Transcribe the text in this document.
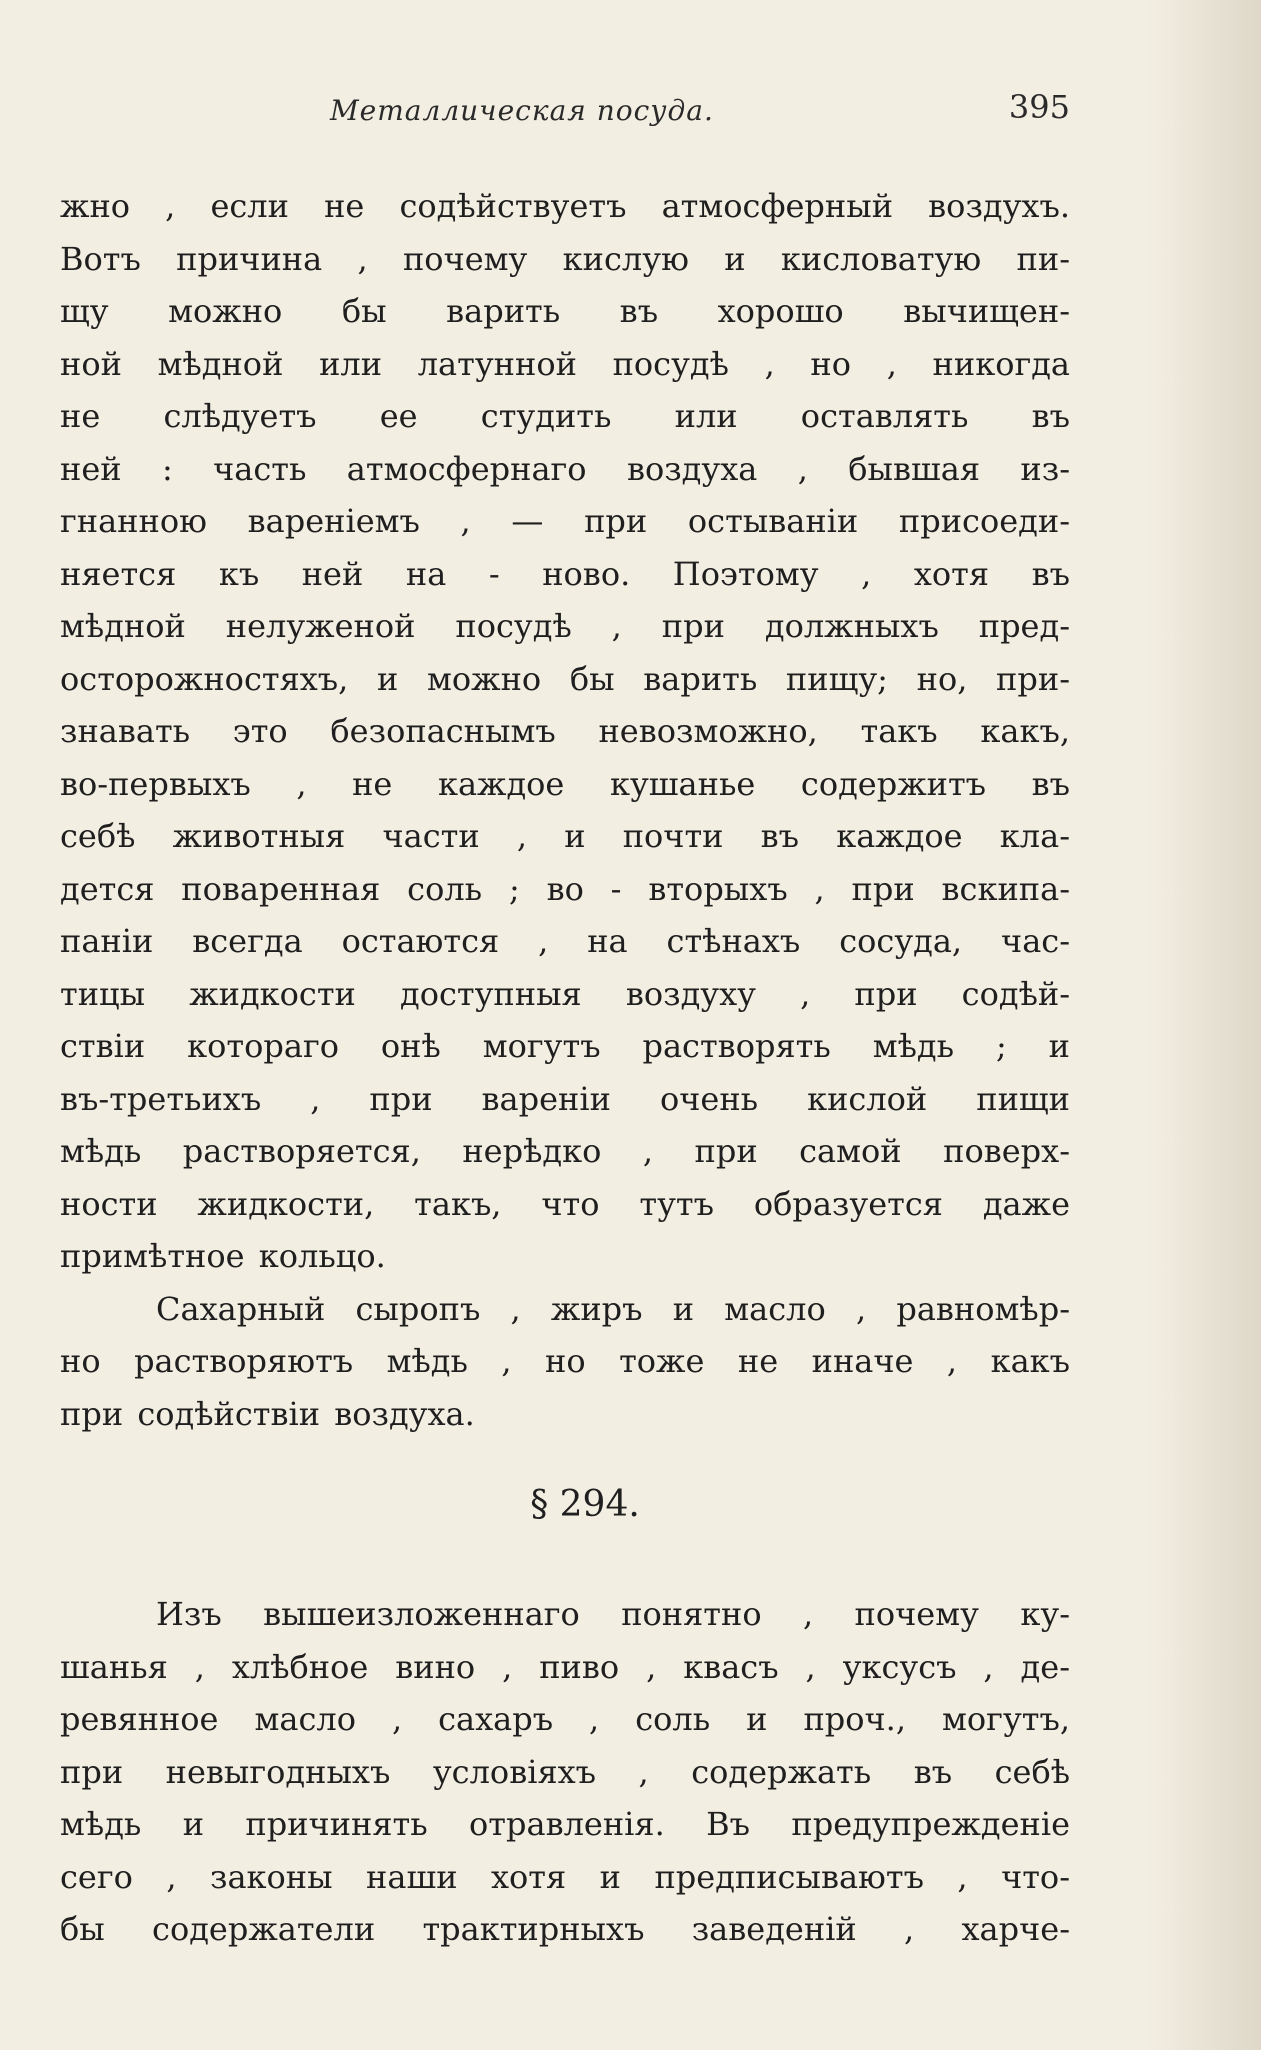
Металлическая посуда.	395
жно , если не содѣйствуетъ атмосферный воздухъ.
Вотъ причина , почему кислую и кисловатую пи-
щу можно бы варить въ хорошо вычищен-
ной мѣдной или латунной посудѣ , но , никогда
не слѣдуетъ ее студить или оставлять въ
ней : часть атмосфернаго воздуха , бывшая из-
гнанною вареніемъ , — при остываніи присоеди-
няется къ ней на - ново. Поэтому , хотя въ
мѣдной нелуженой посудѣ , при должныхъ пред-
осторожностяхъ, и можно бы варить пищу; но, при-
знавать это безопаснымъ невозможно, такъ какъ,
во-первыхъ , не каждое кушанье содержитъ въ
себѣ животныя части , и почти въ каждое кла-
дется поваренная соль ; во - вторыхъ , при вскипа-
паніи всегда остаются , на стѣнахъ сосуда, час-
тицы жидкости доступныя воздуху , при содѣй-
ствіи котораго онѣ могутъ растворять мѣдь ; и
въ-третьихъ , при вареніи очень кислой пищи
мѣдь растворяется, нерѣдко , при самой поверх-
ности жидкости, такъ, что тутъ образуется даже
примѣтное кольцо.
Сахарный сыропъ , жиръ и масло , равномѣр-
но растворяютъ мѣдь , но тоже не иначе , какъ
при содѣйствіи воздуха.
§ 294.
Изъ вышеизложеннаго понятно , почему ку-
шанья , хлѣбное вино , пиво , квасъ , уксусъ , де-
ревянное масло , сахаръ , соль и проч., могутъ,
при невыгодныхъ условіяхъ , содержать въ себѣ
мѣдь и причинять отравленія. Въ предупрежденіе
сего , законы наши хотя и предписываютъ , что-
бы содержатели трактирныхъ заведеній , харче-
